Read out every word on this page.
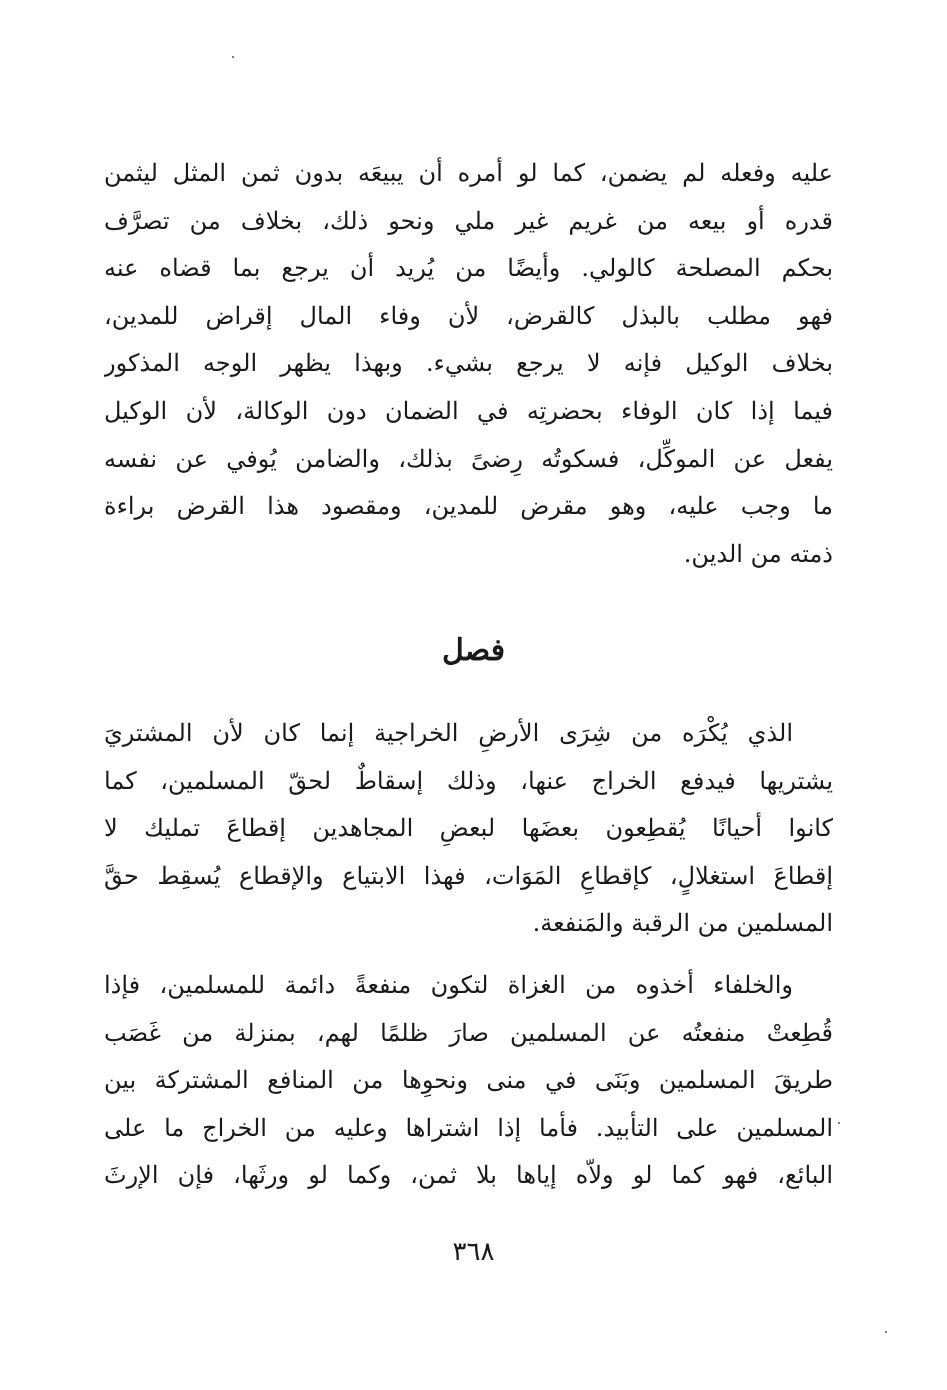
عليه وفعله لم يضمن، كما لو أمره أن يبيعَه بدون ثمن المثل ليثمن
قدره أو بيعه من غريم غير ملي ونحو ذلك، بخلاف من تصرَّف
بحكم المصلحة كالولي. وأيضًا من يُريد أن يرجع بما قضاه عنه
فهو مطلب بالبذل كالقرض، لأن وفاء المال إقراض للمدين،
بخلاف الوكيل فإنه لا يرجع بشيء. وبهذا يظهر الوجه المذكور
فيما إذا كان الوفاء بحضرتِه في الضمان دون الوكالة، لأن الوكيل
يفعل عن الموكِّل، فسكوتُه رِضىً بذلك، والضامن يُوفي عن نفسه
ما وجب عليه، وهو مقرض للمدين، ومقصود هذا القرض براءة
ذمته من الدين.
فصل
الذي يُكْرَه من شِرَى الأرضِ الخراجية إنما كان لأن المشتريَ
يشتريها فيدفع الخراج عنها، وذلك إسقاطٌ لحقّ المسلمين، كما
كانوا أحيانًا يُقطِعون بعضَها لبعضِ المجاهدين إقطاعَ تمليك لا
إقطاعَ استغلالٍ، كإقطاعِ المَوَات، فهذا الابتياع والإقطاع يُسقِط حقَّ
المسلمين من الرقبة والمَنفعة.
والخلفاء أخذوه من الغزاة لتكون منفعةً دائمة للمسلمين، فإذا
قُطِعتْ منفعتُه عن المسلمين صارَ ظلمًا لهم، بمنزلة من غَصَب
طريقَ المسلمين وبَنَى في منى ونحوِها من المنافع المشتركة بين
المسلمين على التأبيد. فأما إذا اشتراها وعليه من الخراج ما على
البائع، فهو كما لو ولاّه إياها بلا ثمن، وكما لو ورثَها، فإن الإرثَ
٣٦٨
